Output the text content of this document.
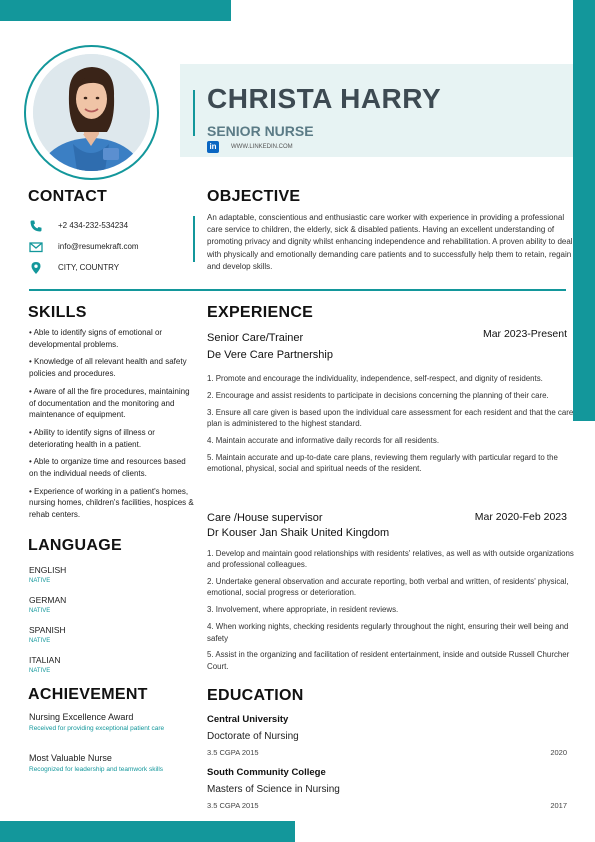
CHRISTA HARRY
SENIOR NURSE
in	WWW.LINKEDIN.COM
CONTACT
+2 434-232-534234
info@resumekraft.com
CITY, COUNTRY
OBJECTIVE
An adaptable, conscientious and enthusiastic care worker with experience in providing a professional care service to children, the elderly, sick & disabled patients. Having an excellent understanding of promoting privacy and dignity whilst enhancing independence and rehabilitation. A proven ability to deal with physically and emotionally demanding care patients and to successfully help them to retain, regain and develop skills.
SKILLS
• Able to identify signs of emotional or developmental problems.
• Knowledge of all relevant health and safety policies and procedures.
• Aware of all the fire procedures, maintaining of documentation and the monitoring and maintenance of equipment.
• Ability to identify signs of illness or deteriorating health in a patient.
• Able to organize time and resources based on the individual needs of clients.
• Experience of working in a patient's homes, nursing homes, children's facilities, hospices & rehab centers.
LANGUAGE
ENGLISH
NATIVE
GERMAN
NATIVE
SPANISH
NATIVE
ITALIAN
NATIVE
ACHIEVEMENT
Nursing Excellence Award
Received for providing exceptional patient care
Most Valuable Nurse
Recognized for leadership and teamwork skills
EXPERIENCE
Senior Care/Trainer	Mar 2023-Present
De Vere Care Partnership
1. Promote and encourage the individuality, independence, self-respect, and dignity of residents.
2. Encourage and assist residents to participate in decisions concerning the planning of their care.
3. Ensure all care given is based upon the individual care assessment for each resident and that the care plan is administered to the highest standard.
4. Maintain accurate and informative daily records for all residents.
5. Maintain accurate and up-to-date care plans, reviewing them regularly with particular regard to the emotional, physical, social and spiritual needs of the resident.
Care /House supervisor	Mar 2020-Feb 2023
Dr Kouser Jan Shaik United Kingdom
1. Develop and maintain good relationships with residents' relatives, as well as with outside organizations and professional colleagues.
2. Undertake general observation and accurate reporting, both verbal and written, of residents' physical, emotional, social progress or deterioration.
3. Involvement, where appropriate, in resident reviews.
4. When working nights, checking residents regularly throughout the night, ensuring their well being and safety
5. Assist in the organizing and facilitation of resident entertainment, inside and outside Russell Churcher Court.
EDUCATION
Central University
Doctorate of Nursing
3.5 CGPA 2015	2020
South Community College
Masters of Science in Nursing
3.5 CGPA 2015	2017
